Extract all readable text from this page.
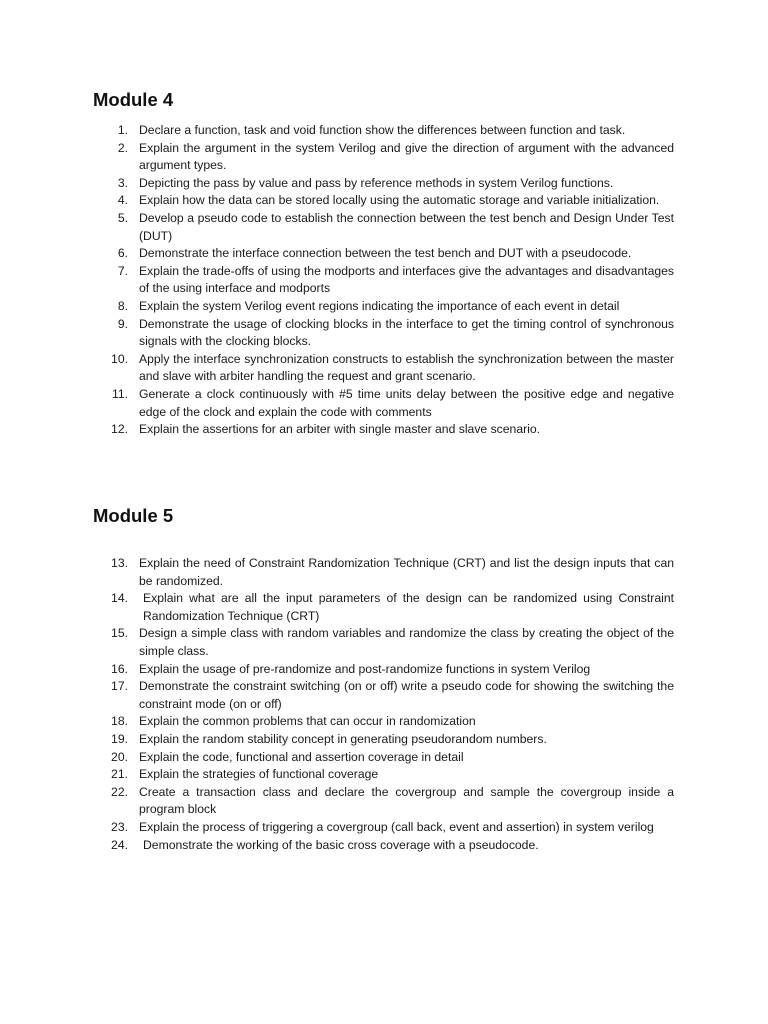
Module 4
1. Declare a function, task and void function show the differences between function and task.
2. Explain the argument in the system Verilog and give the direction of argument with the advanced argument types.
3. Depicting the pass by value and pass by reference methods in system Verilog functions.
4. Explain how the data can be stored locally using the automatic storage and variable initialization.
5. Develop a pseudo code to establish the connection between the test bench and Design Under Test (DUT)
6. Demonstrate the interface connection between the test bench and DUT with a pseudocode.
7. Explain the trade-offs of using the modports and interfaces give the advantages and disadvantages of the using interface and modports
8. Explain the system Verilog event regions indicating the importance of each event in detail
9. Demonstrate the usage of clocking blocks in the interface to get the timing control of synchronous signals with the clocking blocks.
10. Apply the interface synchronization constructs to establish the synchronization between the master and slave with arbiter handling the request and grant scenario.
11. Generate a clock continuously with #5 time units delay between the positive edge and negative edge of the clock and explain the code with comments
12. Explain the assertions for an arbiter with single master and slave scenario.
Module 5
13. Explain the need of Constraint Randomization Technique (CRT) and list the design inputs that can be randomized.
14.	Explain what are all the input parameters of the design can be randomized using Constraint Randomization Technique (CRT)
15. Design a simple class with random variables and randomize the class by creating the object of the simple class.
16. Explain the usage of pre-randomize and post-randomize functions in system Verilog
17. Demonstrate the constraint switching (on or off) write a pseudo code for showing the switching the constraint mode (on or off)
18. Explain the common problems that can occur in randomization
19. Explain the random stability concept in generating pseudorandom numbers.
20. Explain the code, functional and assertion coverage in detail
21. Explain the strategies of functional coverage
22. Create a transaction class and declare the covergroup and sample the covergroup inside a program block
23. Explain the process of triggering a covergroup (call back, event and assertion) in system verilog
24.	Demonstrate the working of the basic cross coverage with a pseudocode.
